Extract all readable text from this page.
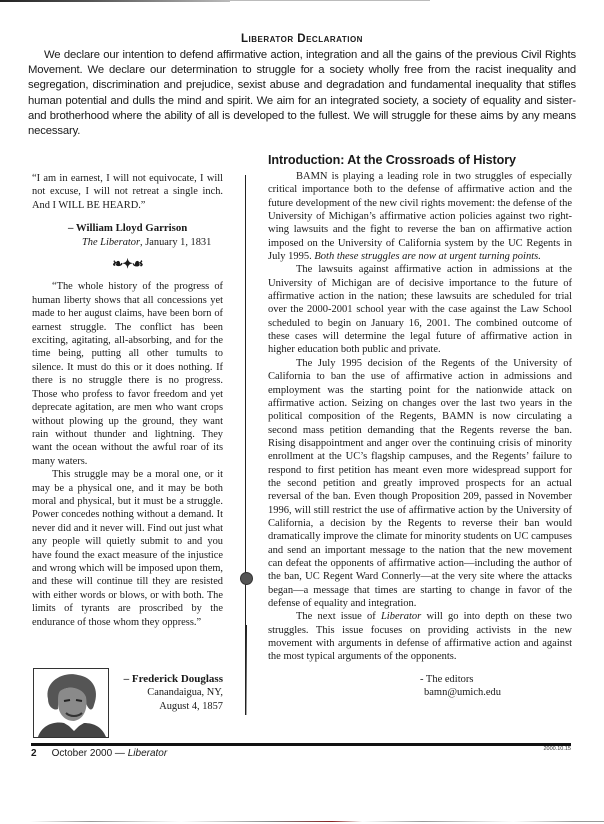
Liberator Declaration
We declare our intention to defend affirmative action, integration and all the gains of the previous Civil Rights Movement. We declare our determination to struggle for a society wholly free from the racist inequality and segregation, discrimination and prejudice, sexist abuse and degradation and fundamental inequality that stifles human potential and dulls the mind and spirit. We aim for an integrated society, a society of equality and sister- and brotherhood where the ability of all is developed to the fullest. We will struggle for these aims by any means necessary.
“I am in earnest, I will not equivocate, I will not excuse, I will not retreat a single inch. And I WILL BE HEARD.”
– William Lloyd Garrison
The Liberator, January 1, 1831
❧✦☙

“The whole history of the progress of human liberty shows that all concessions yet made to her august claims, have been born of earnest struggle. The conflict has been exciting, agitating, all-absorbing, and for the time being, putting all other tumults to silence. It must do this or it does nothing. If there is no struggle there is no progress. Those who profess to favor freedom and yet deprecate agitation, are men who want crops without plowing up the ground, they want rain without thunder and lightning. They want the ocean without the awful roar of its many waters.

This struggle may be a moral one, or it may be a physical one, and it may be both moral and physical, but it must be a struggle. Power concedes nothing without a demand. It never did and it never will. Find out just what any people will quietly submit to and you have found the exact measure of the injustice and wrong which will be imposed upon them, and these will continue till they are resisted with either words or blows, or with both. The limits of tyrants are proscribed by the endurance of those whom they oppress.”

– Frederick Douglass
Canandaigua, NY,
August 4, 1857
Introduction: At the Crossroads of History

BAMN is playing a leading role in two struggles of especially critical importance both to the defense of affirmative action and the future development of the new civil rights movement: the defense of the University of Michigan’s affirmative action policies against two right-wing lawsuits and the fight to reverse the ban on affirmative action imposed on the University of California system by the UC Regents in July 1995. Both these struggles are now at urgent turning points.

The lawsuits against affirmative action in admissions at the University of Michigan are of decisive importance to the future of affirmative action in the nation; these lawsuits are scheduled for trial over the 2000-2001 school year with the case against the Law School scheduled to begin on January 16, 2001. The combined outcome of these cases will determine the legal future of affirmative action in higher education both public and private.

The July 1995 decision of the Regents of the University of California to ban the use of affirmative action in admissions and employment was the starting point for the nationwide attack on affirmative action. Seizing on changes over the last two years in the political composition of the Regents, BAMN is now circulating a second mass petition demanding that the Regents reverse the ban. Rising disappointment and anger over the continuing crisis of minority enrollment at the UC’s flagship campuses, and the Regents’ failure to respond to first petition has meant even more widespread support for the second petition and greatly improved prospects for an actual reversal of the ban. Even though Proposition 209, passed in November 1996, will still restrict the use of affirmative action by the University of California, a decision by the Regents to reverse their ban would dramatically improve the climate for minority students on UC campuses and send an important message to the nation that the new movement can defeat the opponents of affirmative action—including the author of the ban, UC Regent Ward Connerly—at the very site where the attacks began—a message that times are starting to change in favor of the defense of equality and integration.

The next issue of Liberator will go into depth on these two struggles. This issue focuses on providing activists in the new movement with arguments in defense of affirmative action and against the most typical arguments of the opponents.

- The editors
bamn@umich.edu
2 October 2000 — Liberator	2000.10.15
